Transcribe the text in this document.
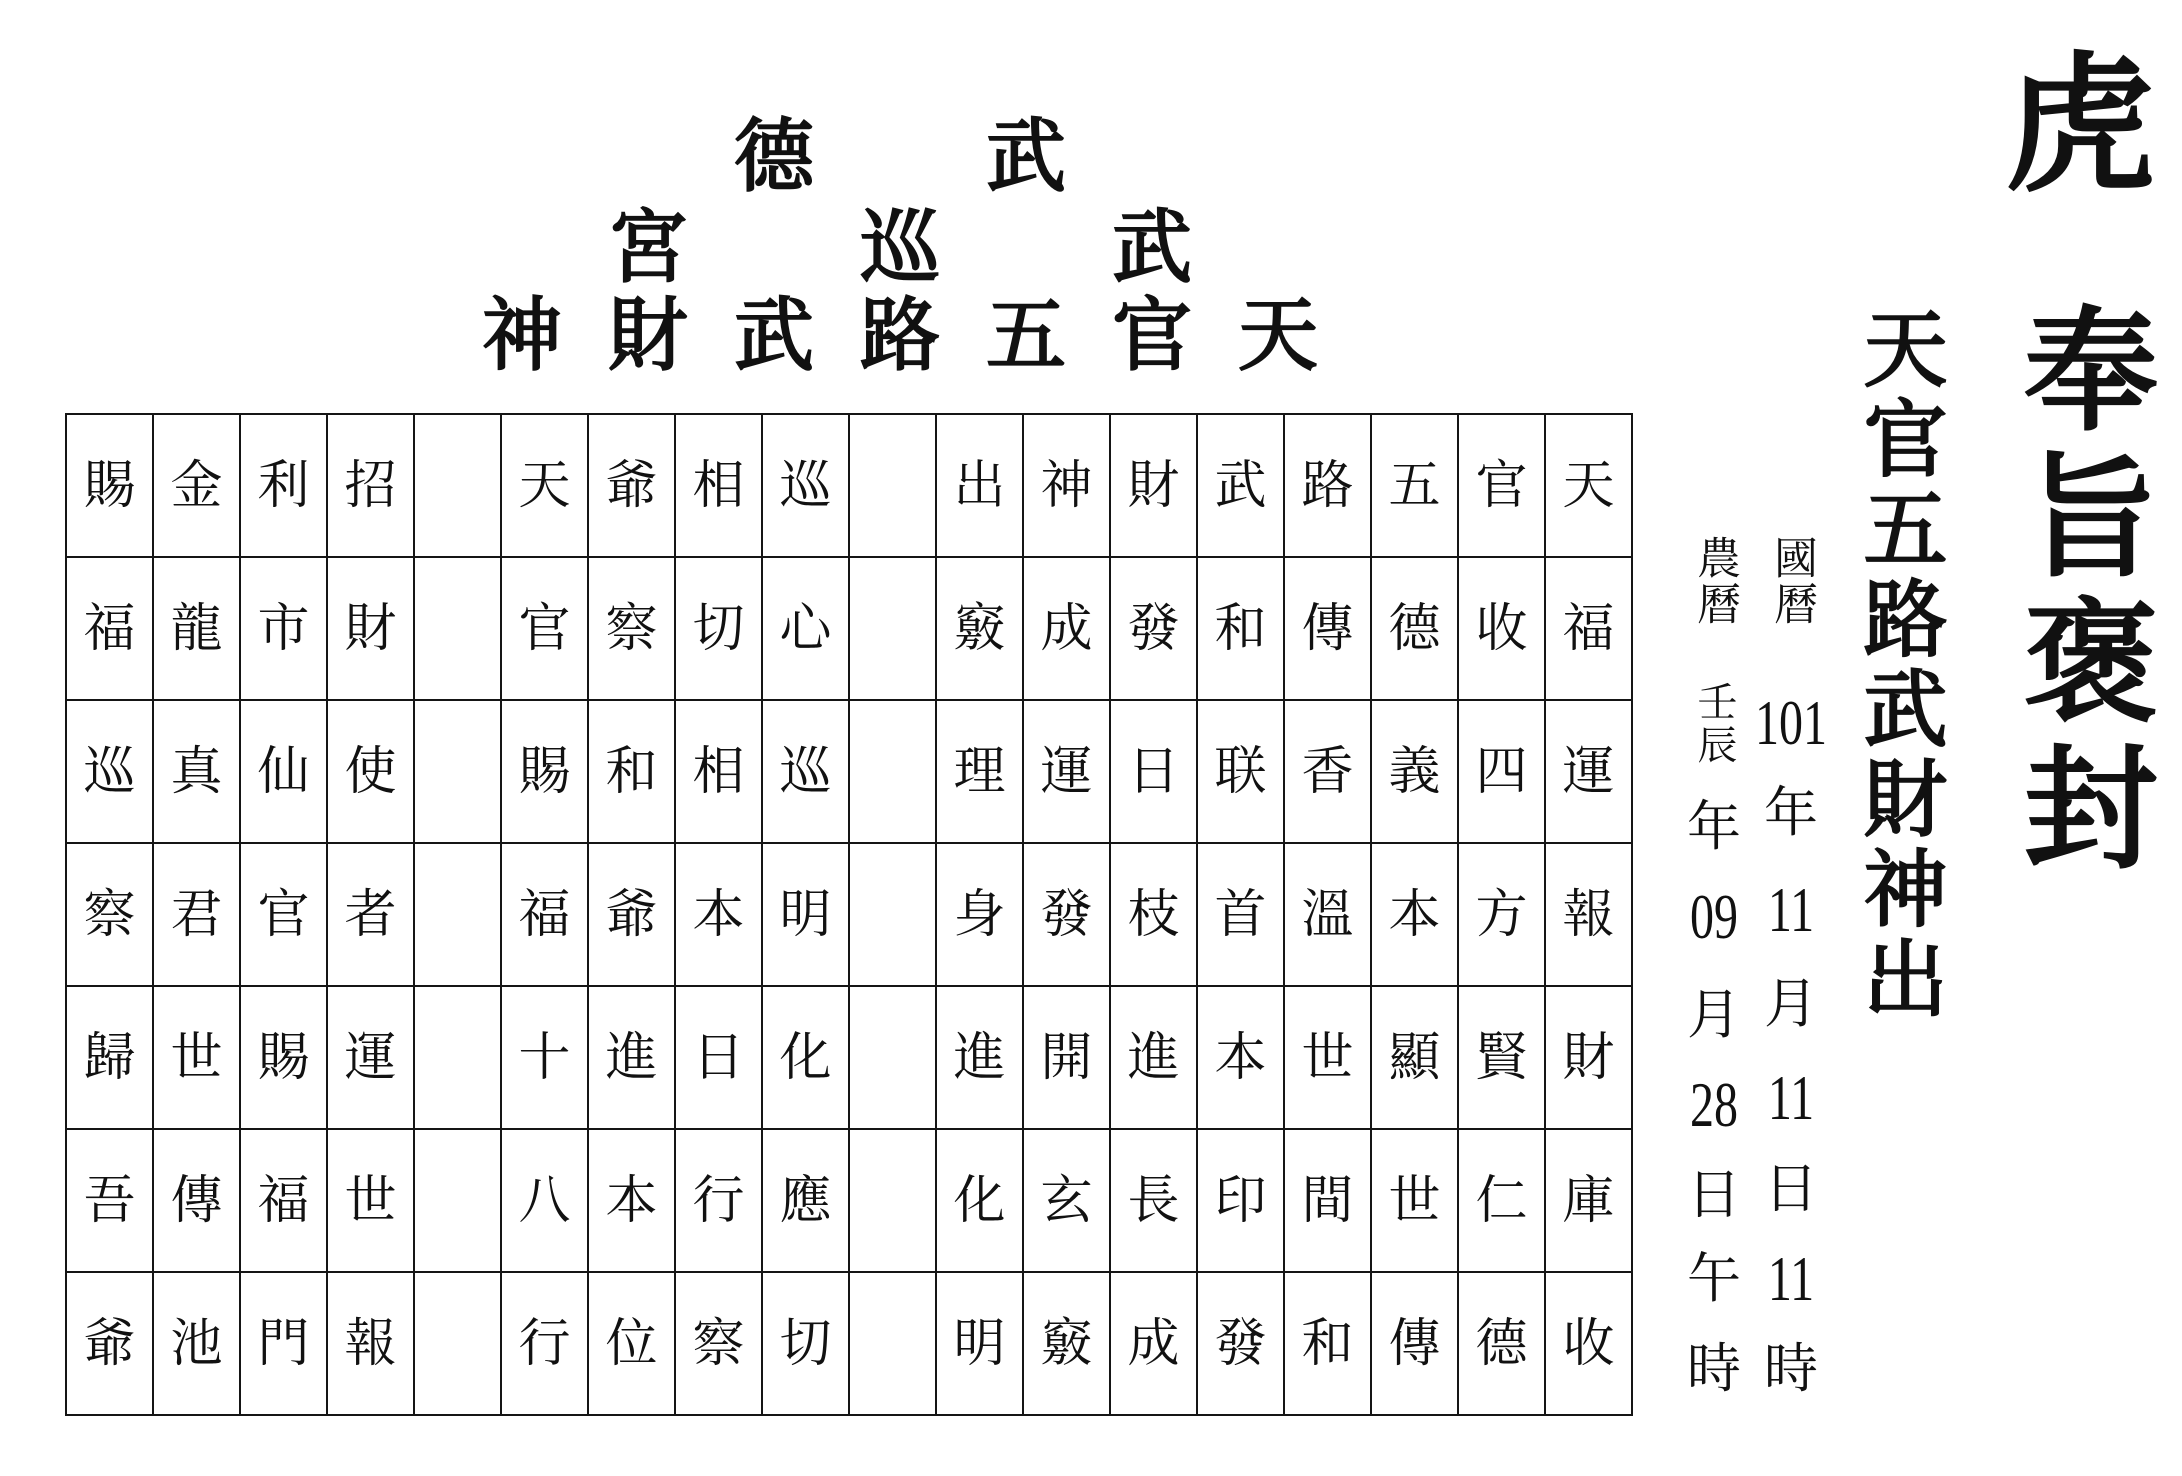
德 武
宮 巡 武
神 財 武 路 五 官 天
虎
奉旨褒封
天官五路武財神出
國曆
101
年
11
月
11
日
11
時
農曆
壬辰
年
09
月
28
日
午
時
賜	金	利	招		天	爺	相	巡		出	神	財	武	路	五	官	天
福	龍	市	財		官	察	切	心		竅	成	發	和	傳	德	收	福
巡	真	仙	使		賜	和	相	巡		理	運	日	联	香	義	四	運
察	君	官	者		福	爺	本	明		身	發	枝	首	溫	本	方	報
歸	世	賜	運		十	進	日	化		進	開	進	本	世	顯	賢	財
吾	傳	福	世		八	本	行	應		化	玄	長	印	間	世	仁	庫
爺	池	門	報		行	位	察	切		明	竅	成	發	和	傳	德	收
